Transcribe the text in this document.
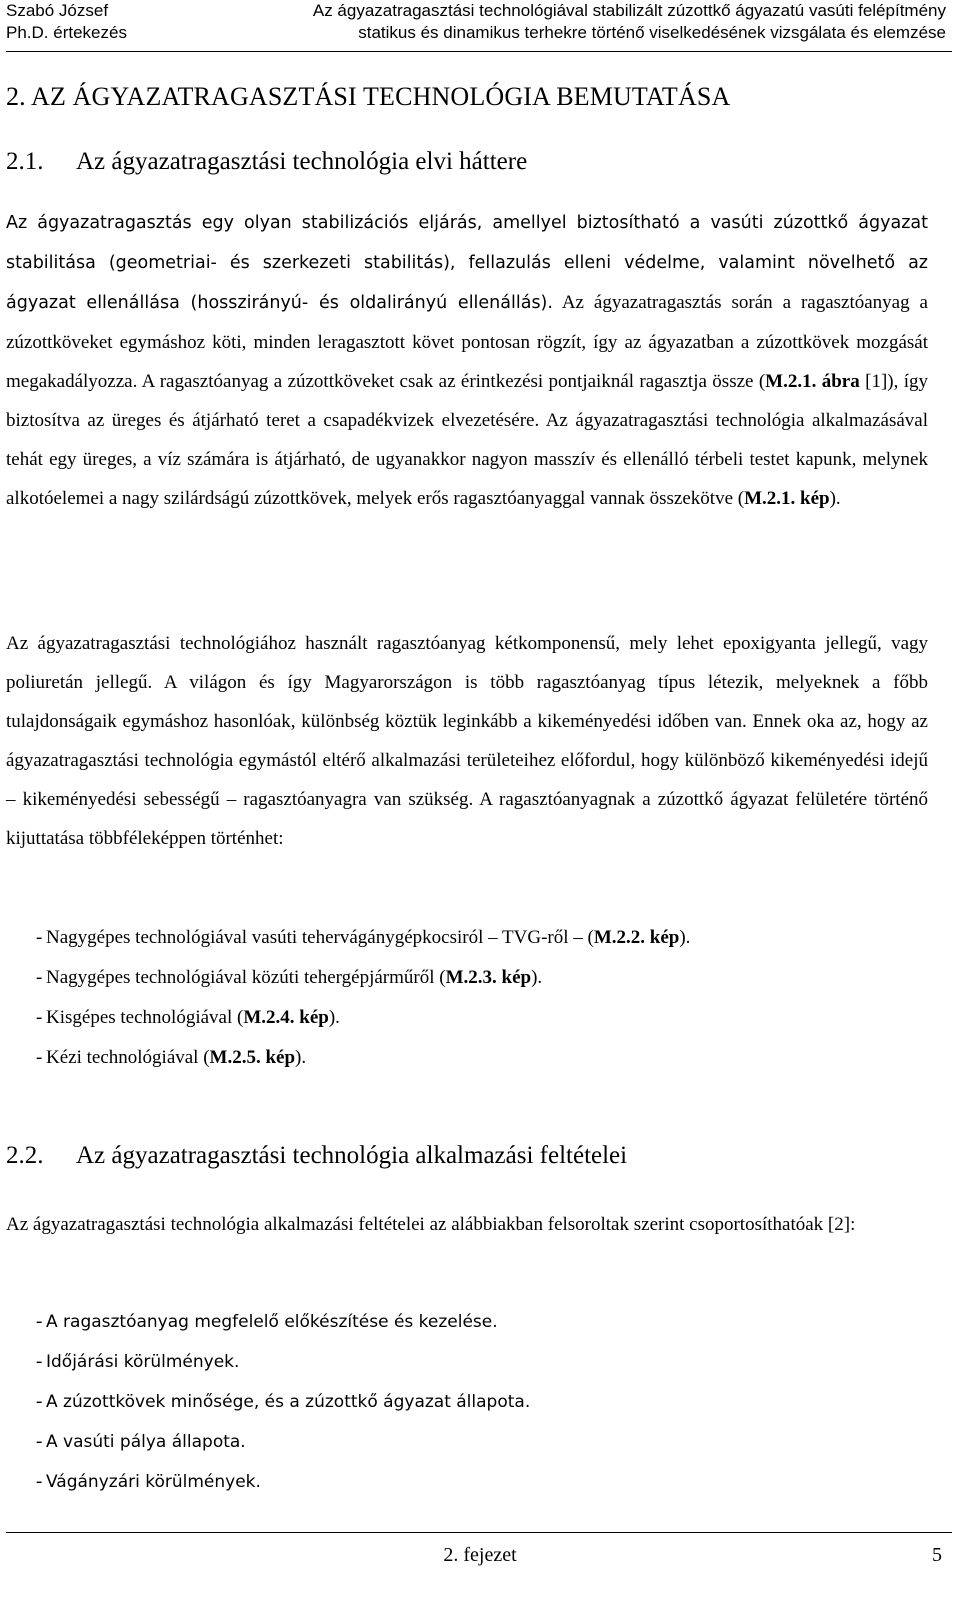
Szabó József
Ph.D. értekezés
Az ágyazatragasztási technológiával stabilizált zúzottkő ágyazatú vasúti felépítmény
statikus és dinamikus terhekre történő viselkedésének vizsgálata és elemzése
2. AZ ÁGYAZATRAGASZTÁSI TECHNOLÓGIA BEMUTATÁSA
2.1. Az ágyazatragasztási technológia elvi háttere

Az ágyazatragasztás egy olyan stabilizációs eljárás, amellyel biztosítható a vasúti zúzottkő ágyazat stabilitása (geometriai- és szerkezeti stabilitás), fellazulás elleni védelme, valamint növelhető az ágyazat ellenállása (hosszirányú- és oldalirányú ellenállás). Az ágyazatragasztás során a ragasztóanyag a zúzottköveket egymáshoz köti, minden leragasztott követ pontosan rögzít, így az ágyazatban a zúzottkövek mozgását megakadályozza. A ragasztóanyag a zúzottköveket csak az érintkezési pontjaiknál ragasztja össze (M.2.1. ábra [1]), így biztosítva az üreges és átjárható teret a csapadékvizek elvezetésére. Az ágyazatragasztási technológia alkalmazásával tehát egy üreges, a víz számára is átjárható, de ugyanakkor nagyon masszív és ellenálló térbeli testet kapunk, melynek alkotóelemei a nagy szilárdságú zúzottkövek, melyek erős ragasztóanyaggal vannak összekötve (M.2.1. kép).

Az ágyazatragasztási technológiához használt ragasztóanyag kétkomponensű, mely lehet epoxigyanta jellegű, vagy poliuretán jellegű. A világon és így Magyarországon is több ragasztóanyag típus létezik, melyeknek a főbb tulajdonságaik egymáshoz hasonlóak, különbség köztük leginkább a kikeményedési időben van. Ennek oka az, hogy az ágyazatragasztási technológia egymástól eltérő alkalmazási területeihez előfordul, hogy különböző kikeményedési idejű – kikeményedési sebességű – ragasztóanyagra van szükség. A ragasztóanyagnak a zúzottkő ágyazat felületére történő kijuttatása többféleképpen történhet:

- Nagygépes technológiával vasúti tehervágánygépkocsiról – TVG-ről – (M.2.2. kép).
- Nagygépes technológiával közúti tehergépjárműről (M.2.3. kép).
- Kisgépes technológiával (M.2.4. kép).
- Kézi technológiával (M.2.5. kép).
2.2. Az ágyazatragasztási technológia alkalmazási feltételei

Az ágyazatragasztási technológia alkalmazási feltételei az alábbiakban felsoroltak szerint csoportosíthatóak [2]:

- A ragasztóanyag megfelelő előkészítése és kezelése.
- Időjárási körülmények.
- A zúzottkövek minősége, és a zúzottkő ágyazat állapota.
- A vasúti pálya állapota.
- Vágányzári körülmények.
2. fejezet	5
